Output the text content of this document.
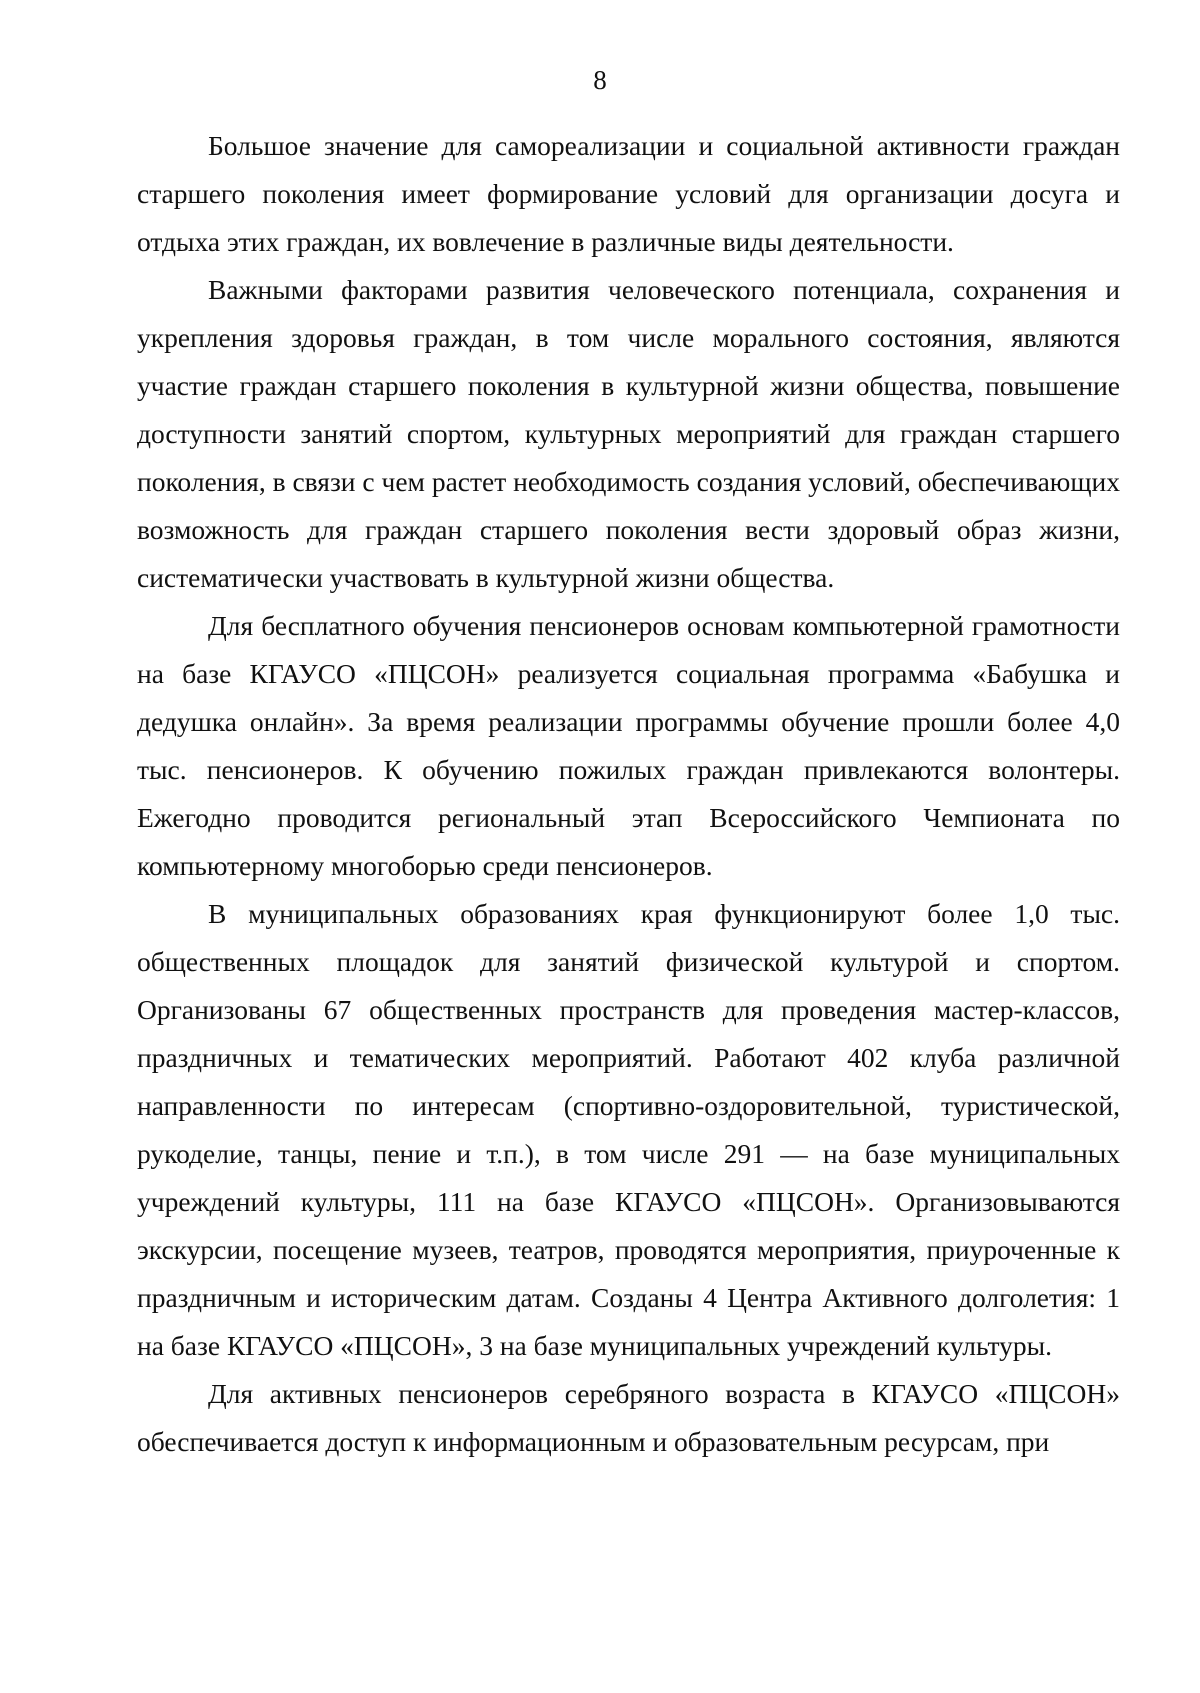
8

Большое значение для самореализации и социальной активности граждан старшего поколения имеет формирование условий для организации досуга и отдыха этих граждан, их вовлечение в различные виды деятельности.

Важными факторами развития человеческого потенциала, сохранения и укрепления здоровья граждан, в том числе морального состояния, являются участие граждан старшего поколения в культурной жизни общества, повышение доступности занятий спортом, культурных мероприятий для граждан старшего поколения, в связи с чем растет необходимость создания условий, обеспечивающих возможность для граждан старшего поколения вести здоровый образ жизни, систематически участвовать в культурной жизни общества.

Для бесплатного обучения пенсионеров основам компьютерной грамотности на базе КГАУСО «ПЦСОН» реализуется социальная программа «Бабушка и дедушка онлайн». За время реализации программы обучение прошли более 4,0 тыс. пенсионеров. К обучению пожилых граждан привлекаются волонтеры. Ежегодно проводится региональный этап Всероссийского Чемпионата по компьютерному многоборью среди пенсионеров.

В муниципальных образованиях края функционируют более 1,0 тыс. общественных площадок для занятий физической культурой и спортом. Организованы 67 общественных пространств для проведения мастер-классов, праздничных и тематических мероприятий. Работают 402 клуба различной направленности по интересам (спортивно-оздоровительной, туристической, рукоделие, танцы, пение и т.п.), в том числе 291 — на базе муниципальных учреждений культуры, 111 на базе КГАУСО «ПЦСОН». Организовываются экскурсии, посещение музеев, театров, проводятся мероприятия, приуроченные к праздничным и историческим датам. Созданы 4 Центра Активного долголетия: 1 на базе КГАУСО «ПЦСОН», 3 на базе муниципальных учреждений культуры.

Для активных пенсионеров серебряного возраста в КГАУСО «ПЦСОН» обеспечивается доступ к информационным и образовательным ресурсам, при
